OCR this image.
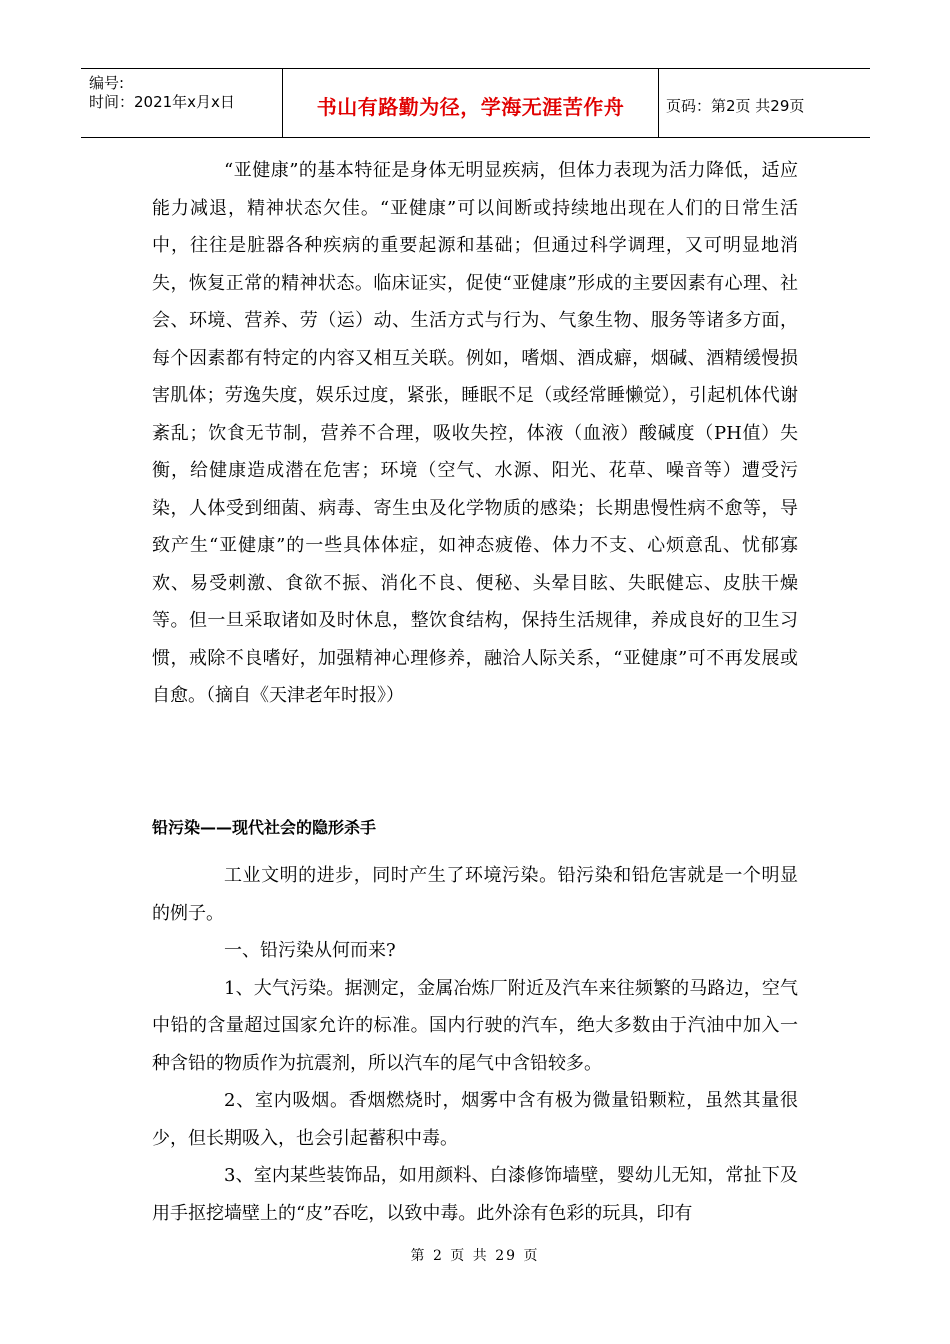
编号:
时间：2021年x月x日	书山有路勤为径，学海无涯苦作舟	页码：第2页 共29页

“亚健康”的基本特征是身体无明显疾病，但体力表现为活力降低，适应能力减退，精神状态欠佳。“亚健康”可以间断或持续地出现在人们的日常生活中，往往是脏器各种疾病的重要起源和基础；但通过科学调理，又可明显地消失，恢复正常的精神状态。临床证实，促使“亚健康”形成的主要因素有心理、社会、环境、营养、劳（运）动、生活方式与行为、气象生物、服务等诸多方面，每个因素都有特定的内容又相互关联。例如，嗜烟、酒成癖，烟碱、酒精缓慢损害肌体；劳逸失度，娱乐过度，紧张，睡眠不足（或经常睡懒觉），引起机体代谢紊乱；饮食无节制，营养不合理，吸收失控，体液（血液）酸碱度（PH值）失衡，给健康造成潜在危害；环境（空气、水源、阳光、花草、噪音等）遭受污染，人体受到细菌、病毒、寄生虫及化学物质的感染；长期患慢性病不愈等，导致产生“亚健康”的一些具体体症，如神态疲倦、体力不支、心烦意乱、忧郁寡欢、易受刺激、食欲不振、消化不良、便秘、头晕目眩、失眠健忘、皮肤干燥等。但一旦采取诸如及时休息，整饮食结构，保持生活规律，养成良好的卫生习惯，戒除不良嗜好，加强精神心理修养，融洽人际关系，“亚健康”可不再发展或自愈。（摘自《天津老年时报》）

铅污染——现代社会的隐形杀手

工业文明的进步，同时产生了环境污染。铅污染和铅危害就是一个明显的例子。

一、铅污染从何而来?

1、大气污染。据测定，金属冶炼厂附近及汽车来往频繁的马路边，空气中铅的含量超过国家允许的标准。国内行驶的汽车，绝大多数由于汽油中加入一种含铅的物质作为抗震剂，所以汽车的尾气中含铅较多。

2、室内吸烟。香烟燃烧时，烟雾中含有极为微量铅颗粒，虽然其量很少，但长期吸入，也会引起蓄积中毒。

3、室内某些装饰品，如用颜料、白漆修饰墙壁，婴幼儿无知，常扯下及用手抠挖墙壁上的“皮”吞吃，以致中毒。此外涂有色彩的玩具，印有

第 2 页 共 29 页
